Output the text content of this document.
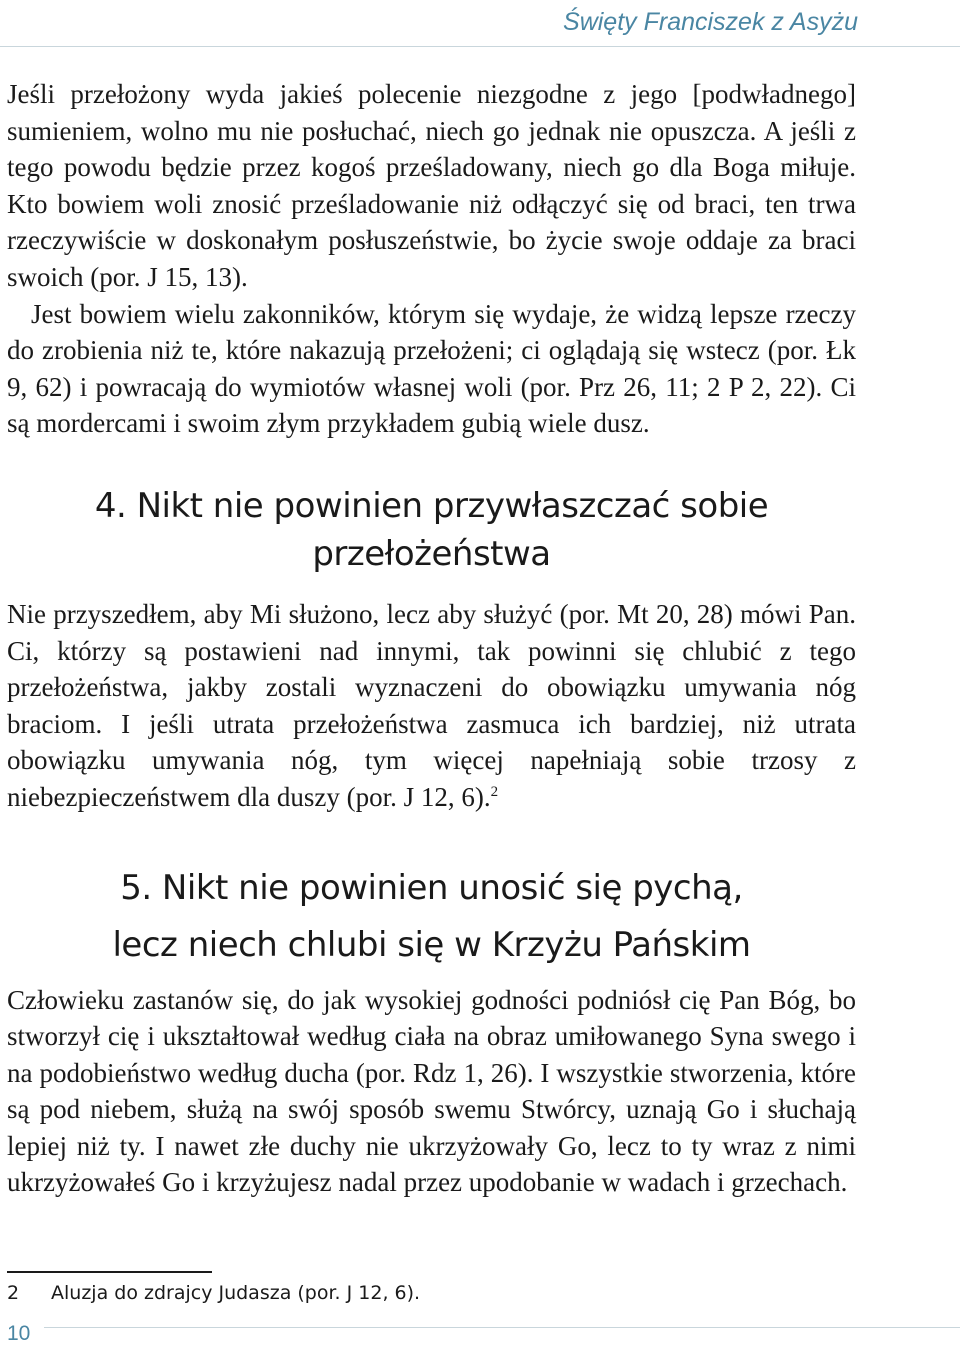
Święty Franciszek z Asyżu

Jeśli przełożony wyda jakieś polecenie niezgodne z jego [podwładnego] sumieniem, wolno mu nie posłuchać, niech go jednak nie opuszcza. A jeśli z tego powodu będzie przez kogoś prześladowany, niech go dla Boga miłuje. Kto bowiem woli znosić prześladowanie niż odłączyć się od braci, ten trwa rzeczywiście w doskonałym posłuszeństwie, bo życie swoje oddaje za braci swoich (por. J 15, 13).

Jest bowiem wielu zakonników, którym się wydaje, że widzą lepsze rzeczy do zrobienia niż te, które nakazują przełożeni; ci oglądają się wstecz (por. Łk 9, 62) i powracają do wymiotów własnej woli (por. Prz 26, 11; 2 P 2, 22). Ci są mordercami i swoim złym przykładem gubią wiele dusz.

4. Nikt nie powinien przywłaszczać sobie
przełożeństwa

Nie przyszedłem, aby Mi służono, lecz aby służyć (por. Mt 20, 28) mówi Pan. Ci, którzy są postawieni nad innymi, tak powinni się chlubić z tego przełożeństwa, jakby zostali wyznaczeni do obowiązku umywania nóg braciom. I jeśli utrata przełożeństwa zasmuca ich bardziej, niż utrata obowiązku umywania nóg, tym więcej napełniają sobie trzosy z niebezpieczeństwem dla duszy (por. J 12, 6).$^2$

5. Nikt nie powinien unosić się pychą,
lecz niech chlubi się w Krzyżu Pańskim

Człowieku zastanów się, do jak wysokiej godności podniósł cię Pan Bóg, bo stworzył cię i ukształtował według ciała na obraz umiłowanego Syna swego i na podobieństwo według ducha (por. Rdz 1, 26). I wszystkie stworzenia, które są pod niebem, służą na swój sposób swemu Stwórcy, uznają Go i słuchają lepiej niż ty. I nawet złe duchy nie ukrzyżowały Go, lecz to ty wraz z nimi ukrzyżowałeś Go i krzyżujesz nadal przez upodobanie w wadach i grzechach.

2	Aluzja do zdrajcy Judasza (por. J 12, 6).
10
